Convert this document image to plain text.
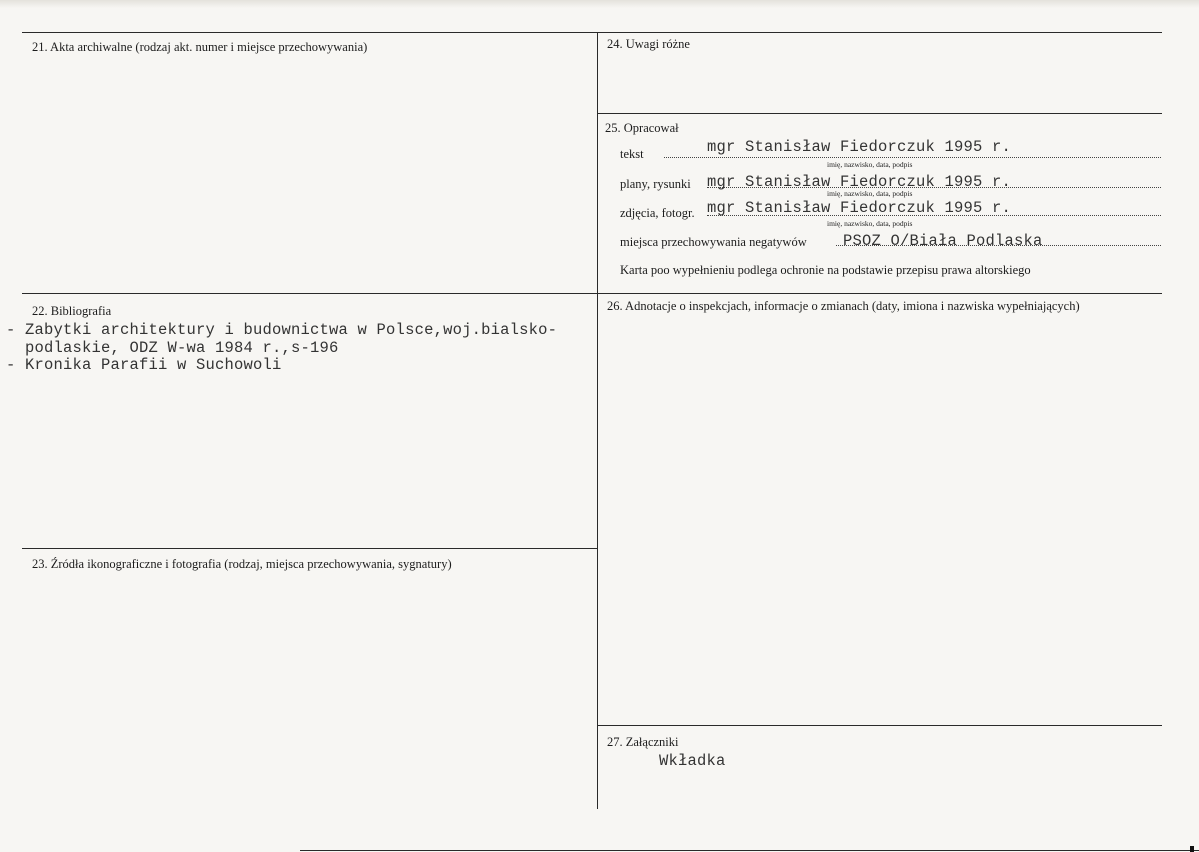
21. Akta archiwalne (rodzaj akt. numer i miejsce przechowywania)
22. Bibliografia
- Zabytki architektury i budownictwa w Polsce,woj.bialsko-
podlaskie, ODZ W-wa 1984 r.,s-196
- Kronika Parafii w Suchowoli
23. Źródła ikonograficzne i fotografia (rodzaj, miejsca przechowywania, sygnatury)
24. Uwagi różne
25. Opracował
tekst	mgr Stanisław Fiedorczuk 1995 r.
imię, nazwisko, data, podpis
plany, rysunki mgr Stanisław Fiedorczuk 1995 r.
imię, nazwisko, data, podpis
zdjęcia, fotogr. mgr Stanisław Fiedorczuk 1995 r.
imię, nazwisko, data, podpis
miejsca przechowywania negatywów PSOZ O/Biała Podlaska
Karta poo wypełnieniu podlega ochronie na podstawie przepisu prawa altorskiego
26. Adnotacje o inspekcjach, informacje o zmianach (daty, imiona i nazwiska wypełniających)
27. Załączniki
Wkładka
